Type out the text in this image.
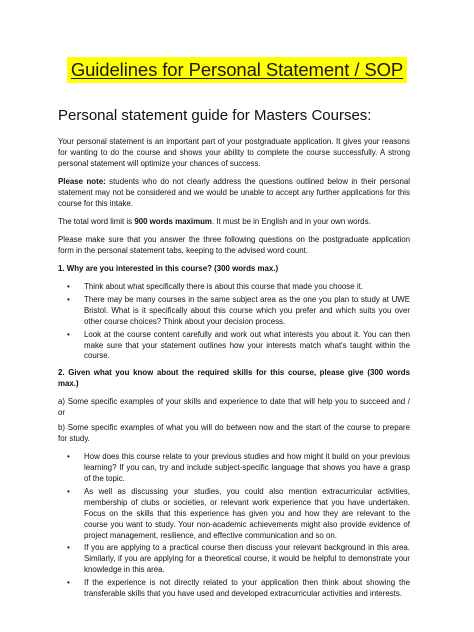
Guidelines for Personal Statement / SOP
Personal statement guide for Masters Courses:

Your personal statement is an important part of your postgraduate application. It gives your reasons for wanting to do the course and shows your ability to complete the course successfully. A strong personal statement will optimize your chances of success.

Please note: students who do not clearly address the questions outlined below in their personal statement may not be considered and we would be unable to accept any further applications for this course for this intake.

The total word limit is 900 words maximum. It must be in English and in your own words.

Please make sure that you answer the three following questions on the postgraduate application form in the personal statement tabs, keeping to the advised word count.

1. Why are you interested in this course? (300 words max.)

• Think about what specifically there is about this course that made you choose it.
• There may be many courses in the same subject area as the one you plan to study at UWE Bristol. What is it specifically about this course which you prefer and which suits you over other course choices? Think about your decision process.
• Look at the course content carefully and work out what interests you about it. You can then make sure that your statement outlines how your interests match what's taught within the course.

2. Given what you know about the required skills for this course, please give (300 words max.)

a) Some specific examples of your skills and experience to date that will help you to succeed and / or

b) Some specific examples of what you will do between now and the start of the course to prepare for study.

• How does this course relate to your previous studies and how might it build on your previous learning? If you can, try and include subject-specific language that shows you have a grasp of the topic.
• As well as discussing your studies, you could also mention extracurricular activities, membership of clubs or societies, or relevant work experience that you have undertaken. Focus on the skills that this experience has given you and how they are relevant to the course you want to study. Your non-academic achievements might also provide evidence of project management, resilience, and effective communication and so on.
• If you are applying to a practical course then discuss your relevant background in this area. Similarly, if you are applying for a theoretical course, it would be helpful to demonstrate your knowledge in this area.
• If the experience is not directly related to your application then think about showing the transferable skills that you have used and developed extracurricular activities and interests.
